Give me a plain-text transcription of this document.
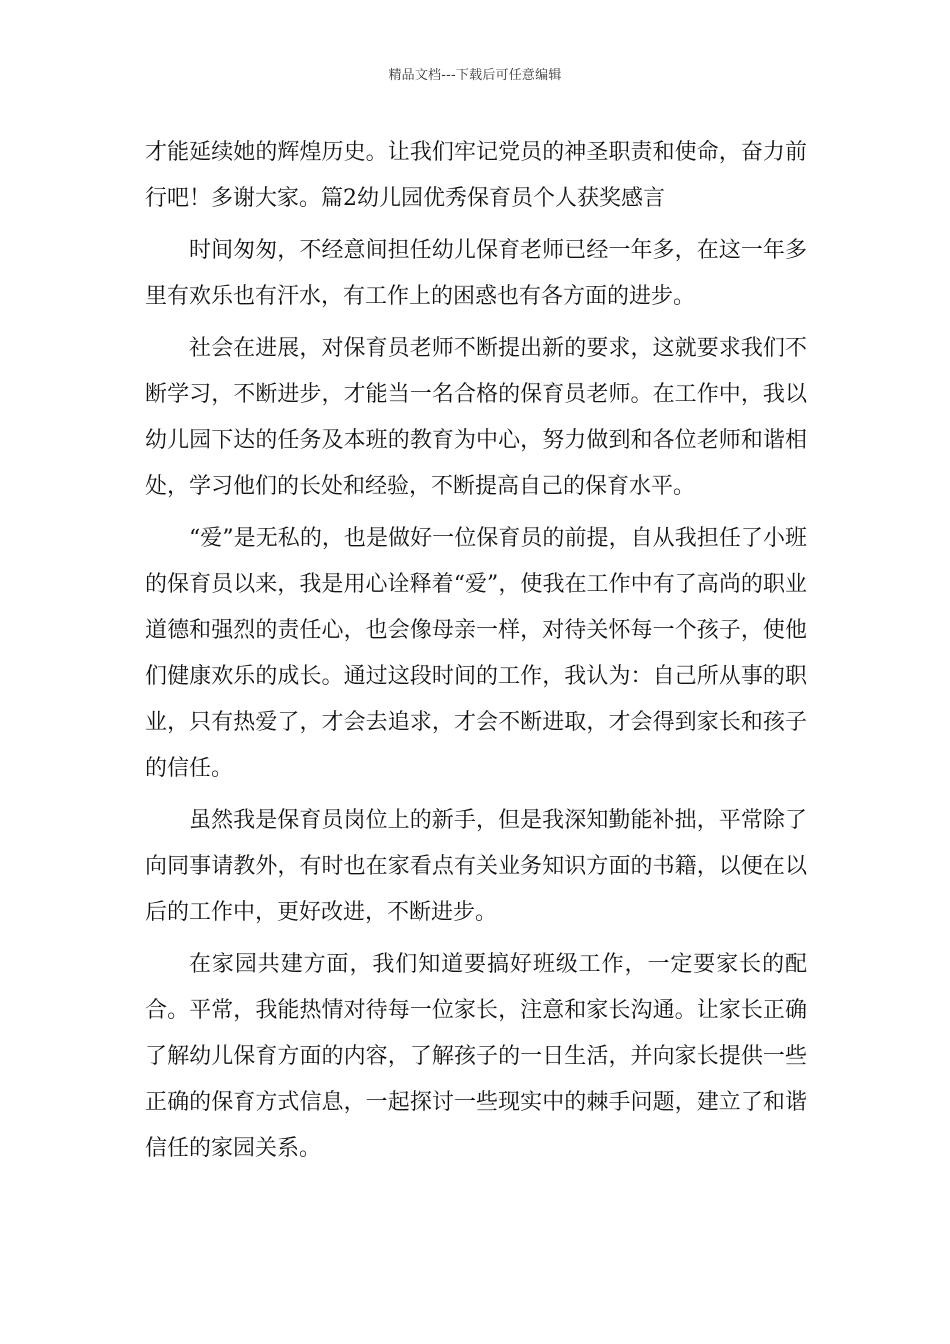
精品文档---下载后可任意编辑

才能延续她的辉煌历史。让我们牢记党员的神圣职责和使命，奋力前行吧！多谢大家。篇2幼儿园优秀保育员个人获奖感言

时间匆匆，不经意间担任幼儿保育老师已经一年多，在这一年多里有欢乐也有汗水，有工作上的困惑也有各方面的进步。

社会在进展，对保育员老师不断提出新的要求，这就要求我们不断学习，不断进步，才能当一名合格的保育员老师。在工作中，我以幼儿园下达的任务及本班的教育为中心，努力做到和各位老师和谐相处，学习他们的长处和经验，不断提高自己的保育水平。

“爱”是无私的，也是做好一位保育员的前提，自从我担任了小班的保育员以来，我是用心诠释着“爱”，使我在工作中有了高尚的职业道德和强烈的责任心，也会像母亲一样，对待关怀每一个孩子，使他们健康欢乐的成长。通过这段时间的工作，我认为：自己所从事的职业，只有热爱了，才会去追求，才会不断进取，才会得到家长和孩子的信任。

虽然我是保育员岗位上的新手，但是我深知勤能补拙，平常除了向同事请教外，有时也在家看点有关业务知识方面的书籍，以便在以后的工作中，更好改进，不断进步。

在家园共建方面，我们知道要搞好班级工作，一定要家长的配合。平常，我能热情对待每一位家长，注意和家长沟通。让家长正确了解幼儿保育方面的内容，了解孩子的一日生活，并向家长提供一些正确的保育方式信息，一起探讨一些现实中的棘手问题，建立了和谐信任的家园关系。
